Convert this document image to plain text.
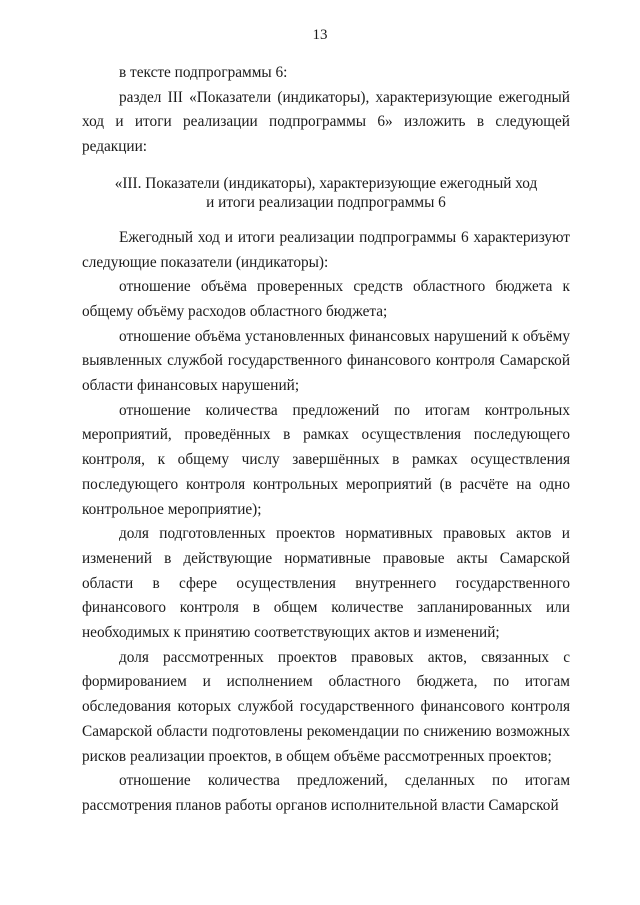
13

в тексте подпрограммы 6:

раздел III «Показатели (индикаторы), характеризующие ежегодный ход и итоги реализации подпрограммы 6» изложить в следующей редакции:

«III. Показатели (индикаторы), характеризующие ежегодный ход
и итоги реализации подпрограммы 6

Ежегодный ход и итоги реализации подпрограммы 6 характеризуют следующие показатели (индикаторы):

отношение объёма проверенных средств областного бюджета к общему объёму расходов областного бюджета;

отношение объёма установленных финансовых нарушений к объёму выявленных службой государственного финансового контроля Самарской области финансовых нарушений;

отношение количества предложений по итогам контрольных мероприятий, проведённых в рамках осуществления последующего контроля, к общему числу завершённых в рамках осуществления последующего контроля контрольных мероприятий (в расчёте на одно контрольное мероприятие);

доля подготовленных проектов нормативных правовых актов и изменений в действующие нормативные правовые акты Самарской области в сфере осуществления внутреннего государственного финансового контроля в общем количестве запланированных или необходимых к принятию соответствующих актов и изменений;

доля рассмотренных проектов правовых актов, связанных с формированием и исполнением областного бюджета, по итогам обследования которых службой государственного финансового контроля Самарской области подготовлены рекомендации по снижению возможных рисков реализации проектов, в общем объёме рассмотренных проектов;

отношение количества предложений, сделанных по итогам рассмотрения планов работы органов исполнительной власти Самарской
